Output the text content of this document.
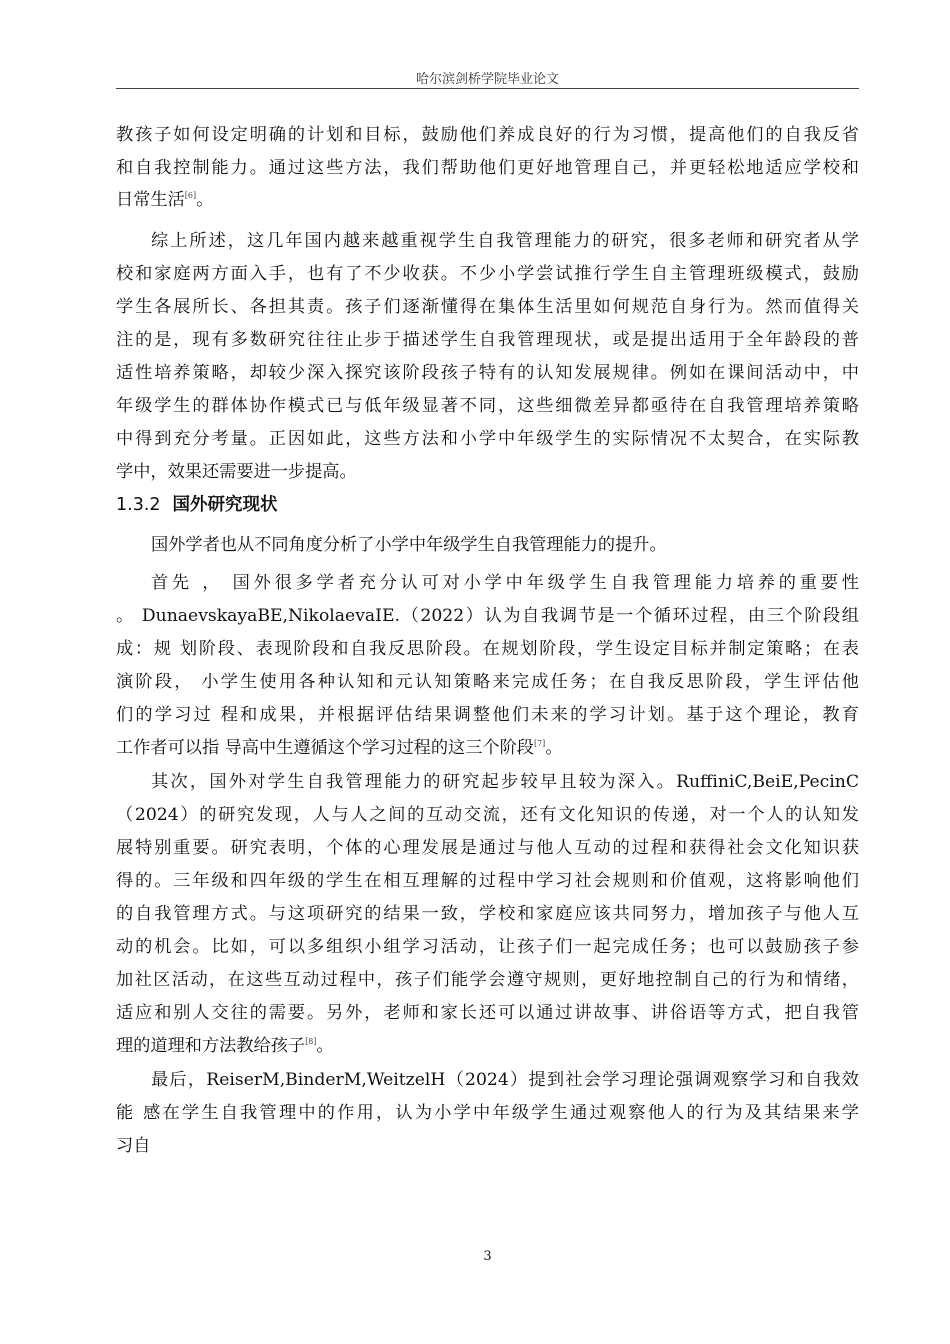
哈尔滨剑桥学院毕业论文
教孩子如何设定明确的计划和目标，鼓励他们养成良好的行为习惯，提高他们的自我反省
和自我控制能力。通过这些方法，我们帮助他们更好地管理自己，并更轻松地适应学校和
日常生活[6]。
综上所述，这几年国内越来越重视学生自我管理能力的研究，很多老师和研究者从学
校和家庭两方面入手，也有了不少收获。不少小学尝试推行学生自主管理班级模式，鼓励
学生各展所长、各担其责。孩子们逐渐懂得在集体生活里如何规范自身行为。然而值得关
注的是，现有多数研究往往止步于描述学生自我管理现状，或是提出适用于全年龄段的普
适性培养策略，却较少深入探究该阶段孩子特有的认知发展规律。例如在课间活动中，中
年级学生的群体协作模式已与低年级显著不同，这些细微差异都亟待在自我管理培养策略
中得到充分考量。正因如此，这些方法和小学中年级学生的实际情况不太契合，在实际教
学中，效果还需要进一步提高。
1.3.2 国外研究现状
国外学者也从不同角度分析了小学中年级学生自我管理能力的提升。
首先 ， 国外很多学者充分认可对小学中年级学生自我管理能力培养的重要性
。 DunaevskayaBE,NikolaevaIE.（2022）认为自我调节是一个循环过程，由三个阶段组
成：规 划阶段、表现阶段和自我反思阶段。在规划阶段，学生设定目标并制定策略；在表
演阶段， 小学生使用各种认知和元认知策略来完成任务；在自我反思阶段，学生评估他
们的学习过 程和成果，并根据评估结果调整他们未来的学习计划。基于这个理论，教育
工作者可以指 导高中生遵循这个学习过程的这三个阶段[7]。
其次，国外对学生自我管理能力的研究起步较早且较为深入。RuffiniC,BeiE,PecinC
（2024）的研究发现，人与人之间的互动交流，还有文化知识的传递，对一个人的认知发
展特别重要。研究表明，个体的心理发展是通过与他人互动的过程和获得社会文化知识获
得的。三年级和四年级的学生在相互理解的过程中学习社会规则和价值观，这将影响他们
的自我管理方式。与这项研究的结果一致，学校和家庭应该共同努力，增加孩子与他人互
动的机会。比如，可以多组织小组学习活动，让孩子们一起完成任务；也可以鼓励孩子参
加社区活动，在这些互动过程中，孩子们能学会遵守规则，更好地控制自己的行为和情绪，
适应和别人交往的需要。另外，老师和家长还可以通过讲故事、讲俗语等方式，把自我管
理的道理和方法教给孩子[8]。
最后，ReiserM,BinderM,WeitzelH（2024）提到社会学习理论强调观察学习和自我效
能 感在学生自我管理中的作用，认为小学中年级学生通过观察他人的行为及其结果来学
习自
3
